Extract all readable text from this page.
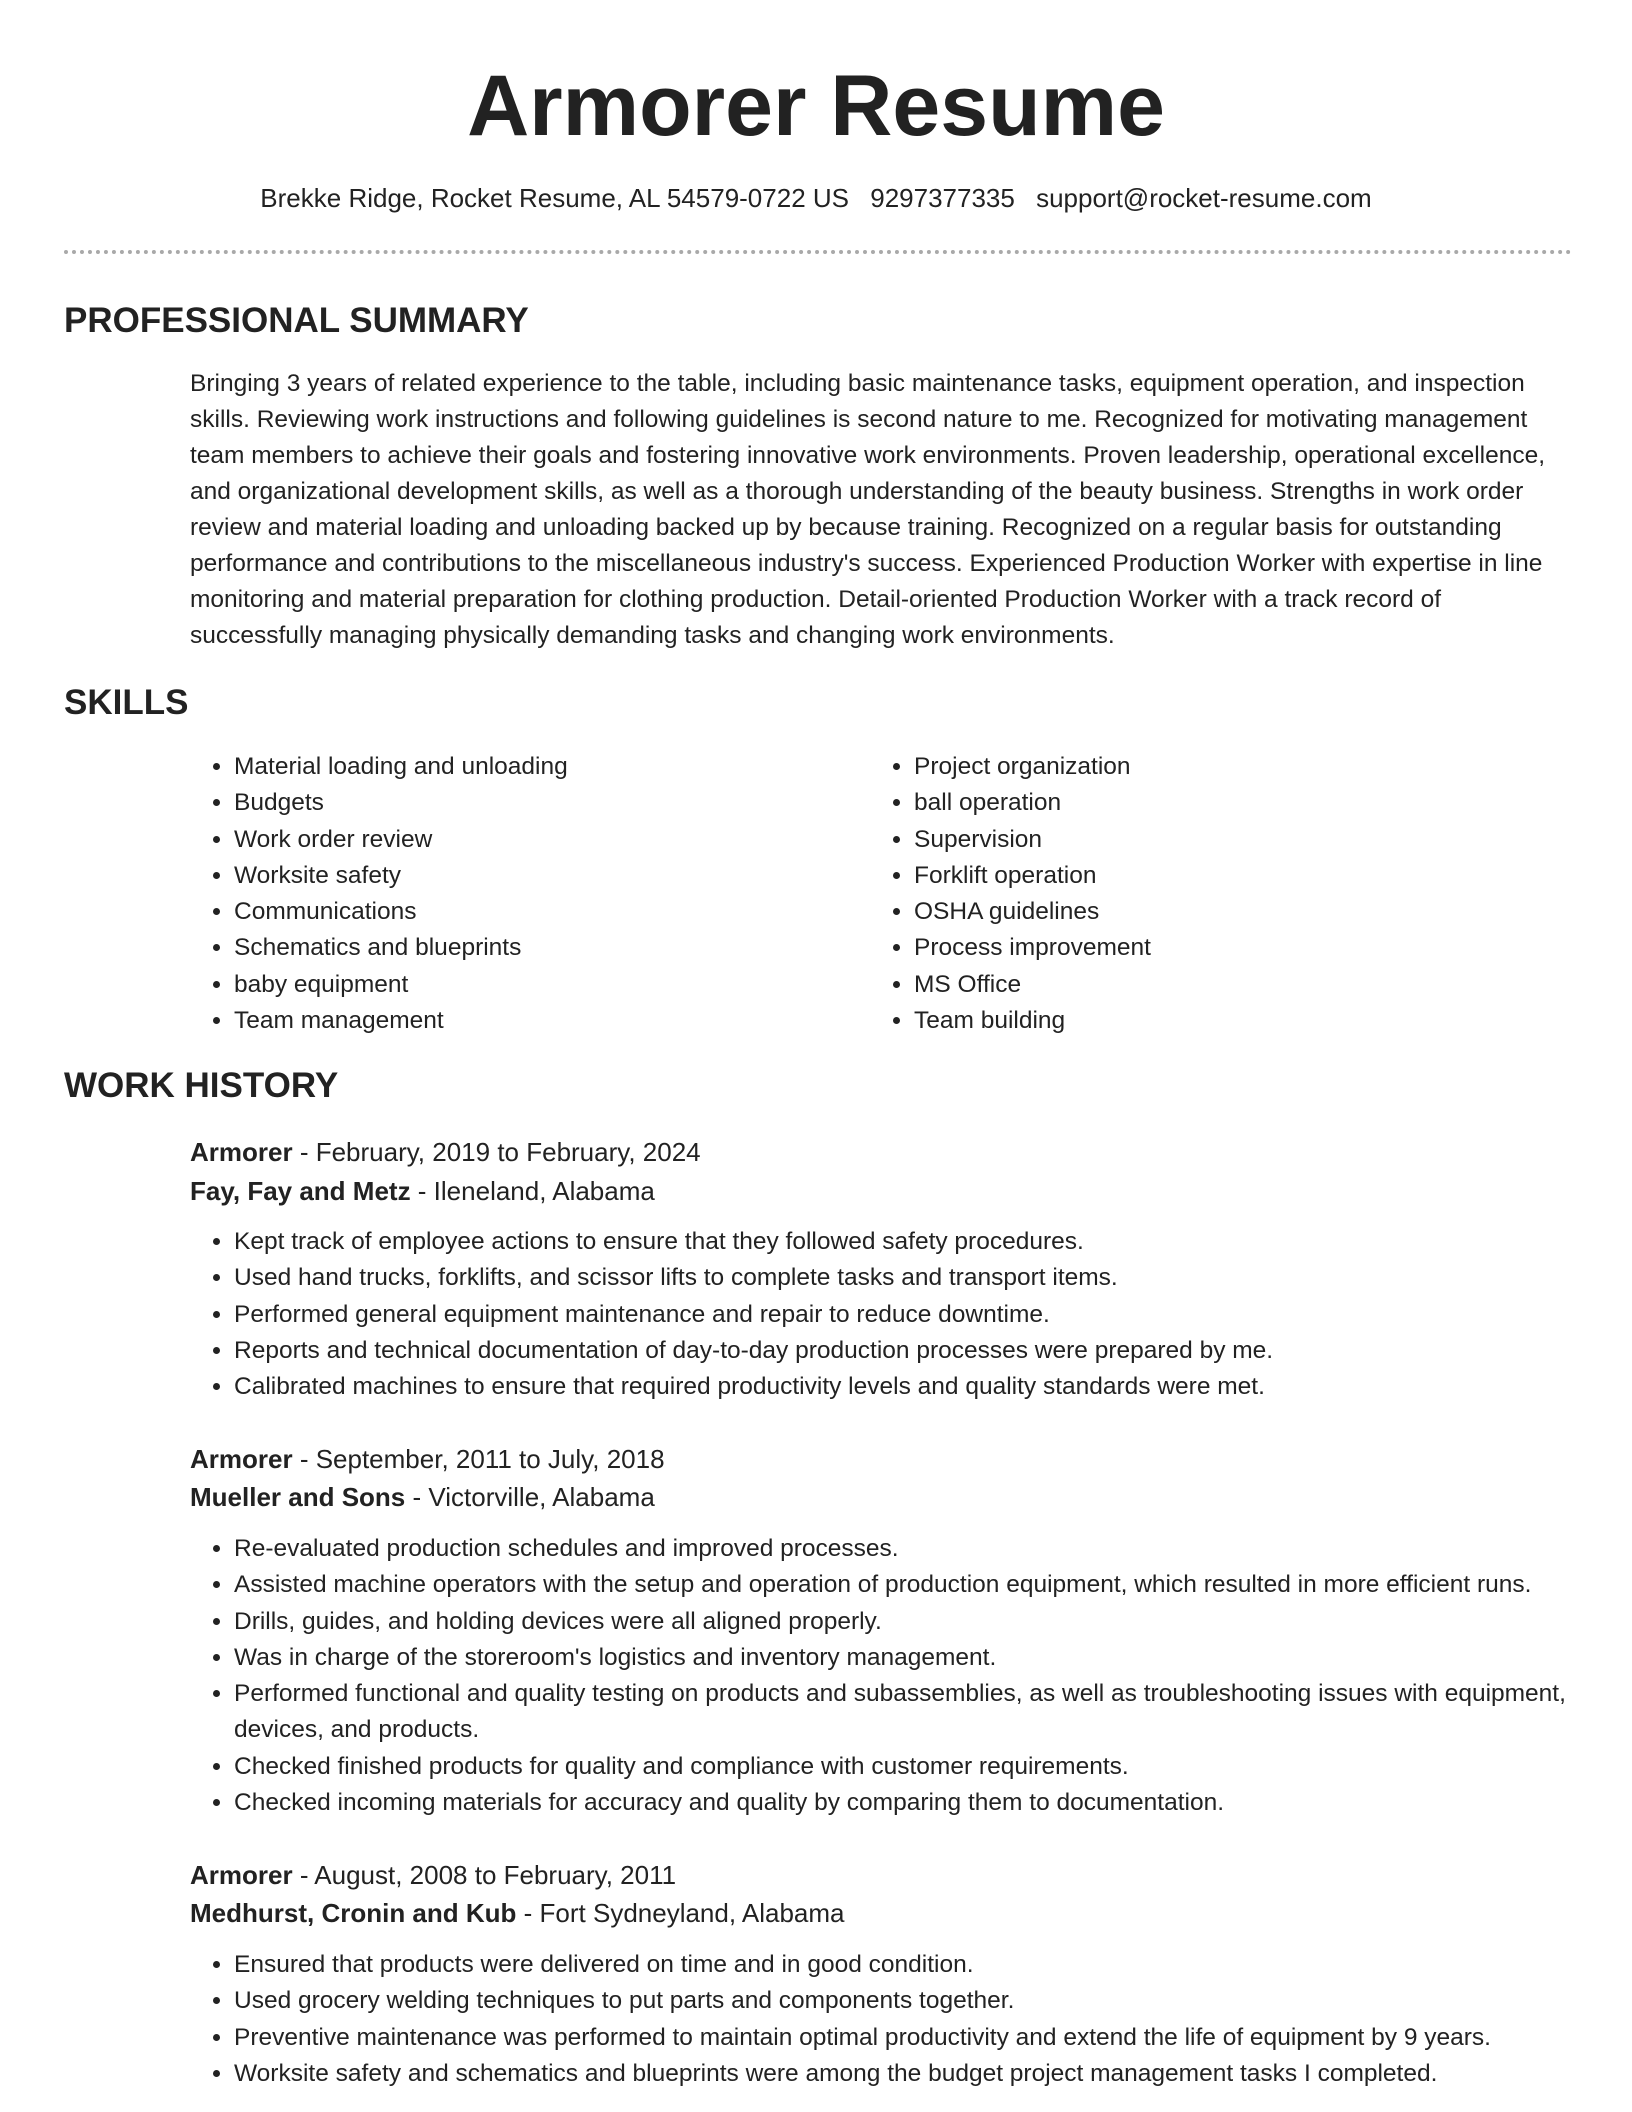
Armorer Resume
Brekke Ridge, Rocket Resume, AL 54579-0722 US 9297377335 support@rocket-resume.com
PROFESSIONAL SUMMARY

Bringing 3 years of related experience to the table, including basic maintenance tasks, equipment operation, and inspection skills. Reviewing work instructions and following guidelines is second nature to me. Recognized for motivating management team members to achieve their goals and fostering innovative work environments. Proven leadership, operational excellence, and organizational development skills, as well as a thorough understanding of the beauty business. Strengths in work order review and material loading and unloading backed up by because training. Recognized on a regular basis for outstanding performance and contributions to the miscellaneous industry's success. Experienced Production Worker with expertise in line monitoring and material preparation for clothing production. Detail-oriented Production Worker with a track record of successfully managing physically demanding tasks and changing work environments.

SKILLS
• Material loading and unloading
• Budgets
• Work order review
• Worksite safety
• Communications
• Schematics and blueprints
• baby equipment
• Team management
• Project organization
• ball operation
• Supervision
• Forklift operation
• OSHA guidelines
• Process improvement
• MS Office
• Team building
WORK HISTORY
Armorer - February, 2019 to February, 2024
Fay, Fay and Metz - Ileneland, Alabama
• Kept track of employee actions to ensure that they followed safety procedures.
• Used hand trucks, forklifts, and scissor lifts to complete tasks and transport items.
• Performed general equipment maintenance and repair to reduce downtime.
• Reports and technical documentation of day-to-day production processes were prepared by me.
• Calibrated machines to ensure that required productivity levels and quality standards were met.
Armorer - September, 2011 to July, 2018
Mueller and Sons - Victorville, Alabama
• Re-evaluated production schedules and improved processes.
• Assisted machine operators with the setup and operation of production equipment, which resulted in more efficient runs.
• Drills, guides, and holding devices were all aligned properly.
• Was in charge of the storeroom's logistics and inventory management.
• Performed functional and quality testing on products and subassemblies, as well as troubleshooting issues with equipment, devices, and products.
• Checked finished products for quality and compliance with customer requirements.
• Checked incoming materials for accuracy and quality by comparing them to documentation.
Armorer - August, 2008 to February, 2011
Medhurst, Cronin and Kub - Fort Sydneyland, Alabama
• Ensured that products were delivered on time and in good condition.
• Used grocery welding techniques to put parts and components together.
• Preventive maintenance was performed to maintain optimal productivity and extend the life of equipment by 9 years.
• Worksite safety and schematics and blueprints were among the budget project management tasks I completed.
